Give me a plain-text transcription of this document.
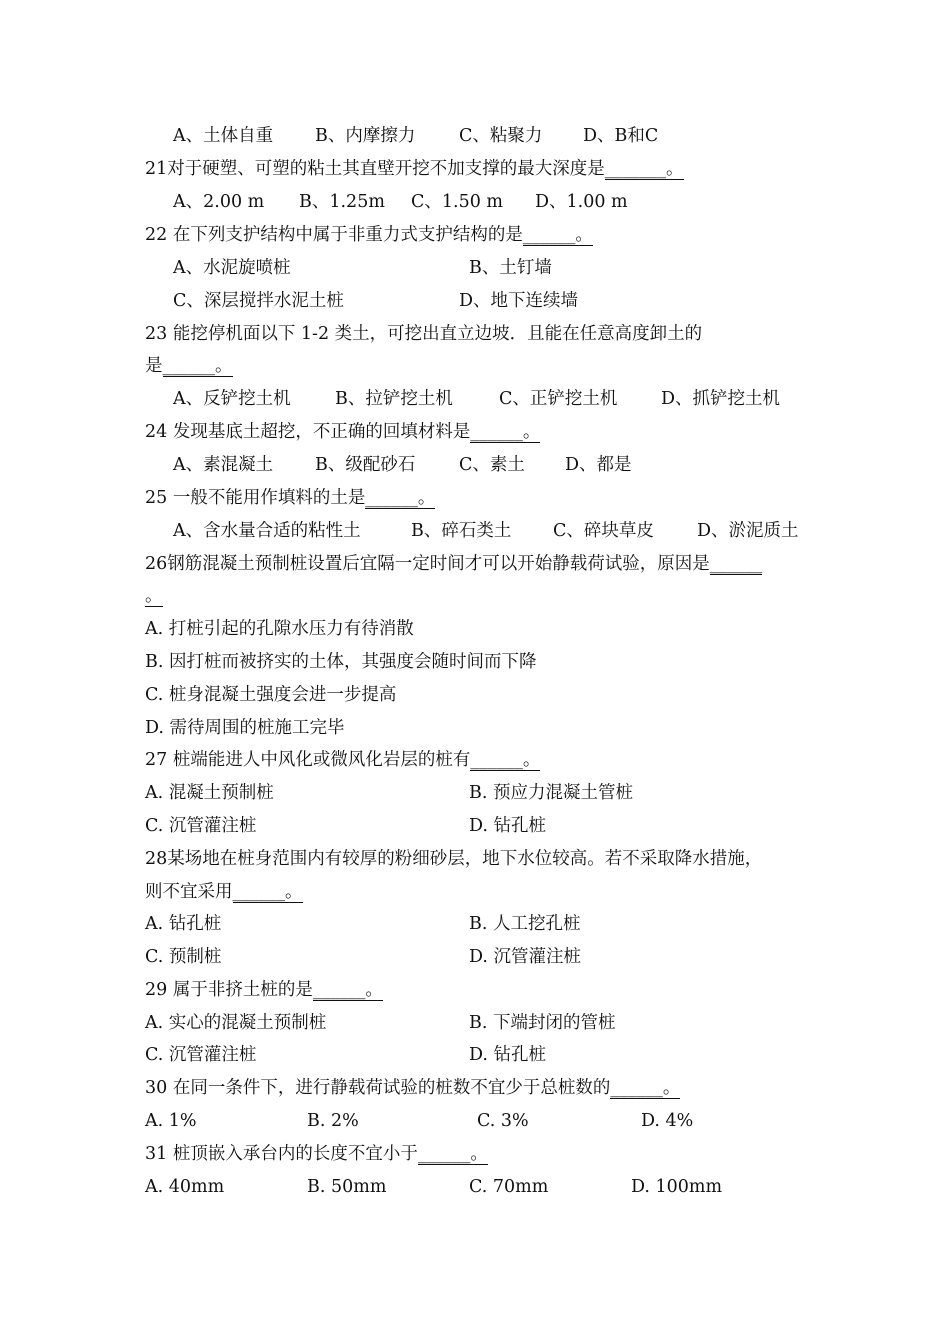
A、土体自重 B、内摩擦力 C、粘聚力 D、B和C
21对于硬塑、可塑的粘土其直壁开挖不加支撑的最大深度是_______。
A、2.00 m B、1.25m C、1.50 m D、1.00 m
22 在下列支护结构中属于非重力式支护结构的是______。
A、水泥旋喷桩	B、土钉墙
C、深层搅拌水泥土桩	D、地下连续墙
23 能挖停机面以下 1-2 类土，可挖出直立边坡．且能在任意高度卸土的
是______。
A、反铲挖土机	B、拉铲挖土机	C、正铲挖土机 D、抓铲挖土机
24 发现基底土超挖，不正确的回填材料是______。
A、素混凝土 B、级配砂石 C、素土 D、都是
25 一般不能用作填料的土是______。
A、含水量合适的粘性土	B、碎石类土 C、碎块草皮 D、淤泥质土
26钢筋混凝土预制桩设置后宜隔一定时间才可以开始静载荷试验，原因是______
。
A. 打桩引起的孔隙水压力有待消散
B. 因打桩而被挤实的土体，其强度会随时间而下降
C. 桩身混凝土强度会进一步提高
D. 需待周围的桩施工完毕
27 桩端能进人中风化或微风化岩层的桩有______。
A. 混凝土预制桩	B. 预应力混凝土管桩
C. 沉管灌注桩	D. 钻孔桩
28某场地在桩身范围内有较厚的粉细砂层，地下水位较高。若不采取降水措施，
则不宜采用______。
A. 钻孔桩	B. 人工挖孔桩
C. 预制桩	D. 沉管灌注桩
29 属于非挤土桩的是______。
A. 实心的混凝土预制桩	B. 下端封闭的管桩
C. 沉管灌注桩	D. 钻孔桩
30 在同一条件下，进行静载荷试验的桩数不宜少于总桩数的______。
A. 1%	B. 2%	C. 3%	D. 4%
31 桩顶嵌入承台内的长度不宜小于______。
A. 40mm	B. 50mm	C. 70mm	D. 100mm
